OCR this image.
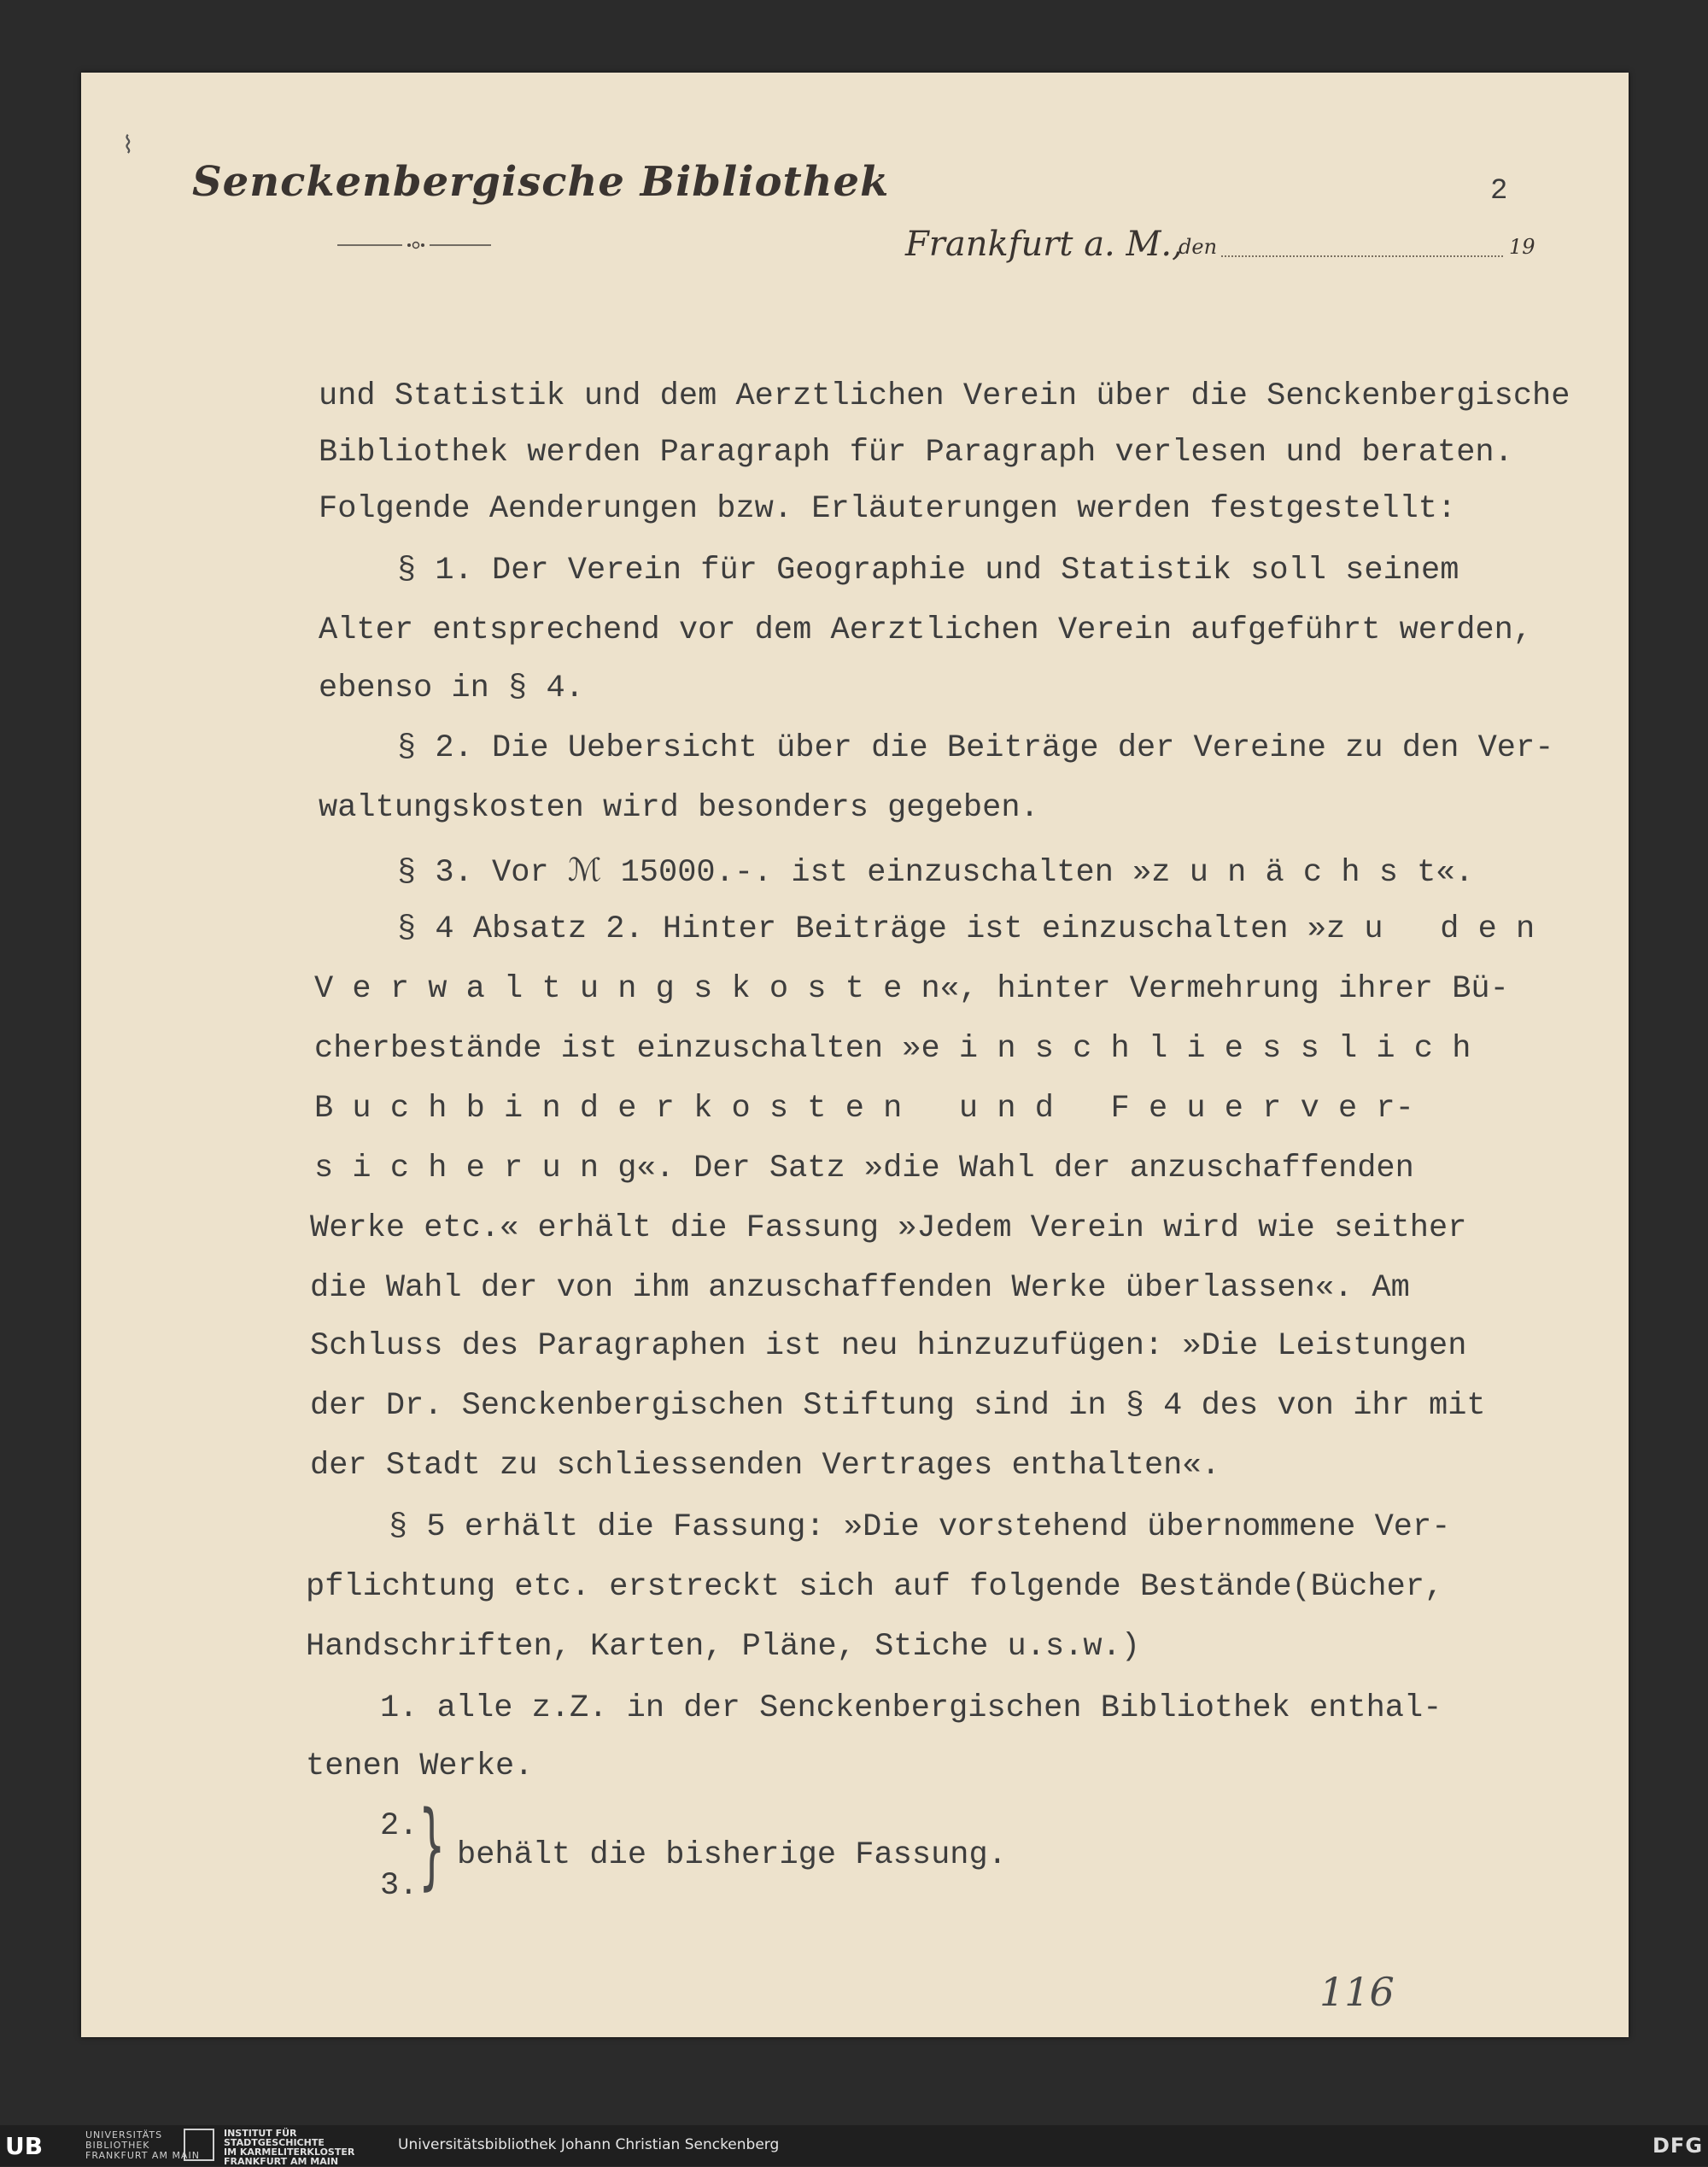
⌇
Senckenbergische Bibliothek	2
Frankfurt a. M.,
den	19

und Statistik und dem Aerztlichen Verein über die Senckenbergische

Bibliothek werden Paragraph für Paragraph verlesen und beraten.

Folgende Aenderungen bzw. Erläuterungen werden festgestellt:

§ 1. Der Verein für Geographie und Statistik soll seinem

Alter entsprechend vor dem Aerztlichen Verein aufgeführt werden,

ebenso in § 4.

§ 2. Die Uebersicht über die Beiträge der Vereine zu den Ver-

waltungskosten wird besonders gegeben.

§ 3. Vor ℳ 15000.-. ist einzuschalten »z u n ä c h s t«.

§ 4 Absatz 2. Hinter Beiträge ist einzuschalten »z u   d e n

V e r w a l t u n g s k o s t e n«, hinter Vermehrung ihrer Bü-

cherbestände ist einzuschalten »e i n s c h l i e s s l i c h

B u c h b i n d e r k o s t e n   u n d   F e u e r v e r-

s i c h e r u n g«. Der Satz »die Wahl der anzuschaffenden

Werke etc.« erhält die Fassung »Jedem Verein wird wie seither

die Wahl der von ihm anzuschaffenden Werke überlassen«. Am

Schluss des Paragraphen ist neu hinzuzufügen: »Die Leistungen

der Dr. Senckenbergischen Stiftung sind in § 4 des von ihr mit

der Stadt zu schliessenden Vertrages enthalten«.

§ 5 erhält die Fassung: »Die vorstehend übernommene Ver-

pflichtung etc. erstreckt sich auf folgende Bestände(Bücher,

Handschriften, Karten, Pläne, Stiche u.s.w.)

1. alle z.Z. in der Senckenbergischen Bibliothek enthal-

tenen Werke.

2.

3.

behält die bisherige Fassung.

}
116
UB	UNIVERSITÄTS
BIBLIOTHEK
FRANKFURT AM MAIN
INSTITUT FÜR
STADTGESCHICHTE
IM KARMELITERKLOSTER
FRANKFURT AM MAIN
Universitätsbibliothek Johann Christian Senckenberg	DFG
